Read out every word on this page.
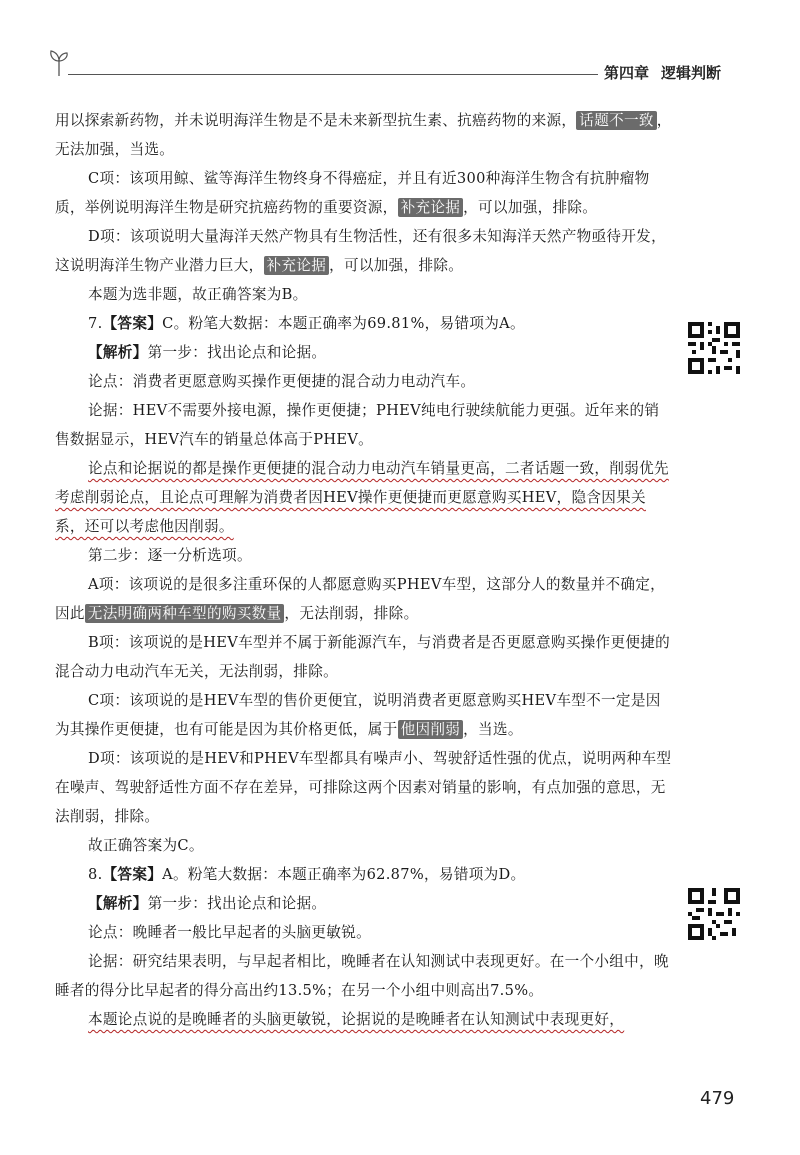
第四章 逻辑判断

用以探索新药物，并未说明海洋生物是不是未来新型抗生素、抗癌药物的来源， 话题不一致 ，无法加强，当选。

C项：该项用鲸、鲨等海洋生物终身不得癌症，并且有近300种海洋生物含有抗肿瘤物质，举例说明海洋生物是研究抗癌药物的重要资源， 补充论据 ，可以加强，排除。

D项：该项说明大量海洋天然产物具有生物活性，还有很多未知海洋天然产物亟待开发，这说明海洋生物产业潜力巨大， 补充论据 ，可以加强，排除。

本题为选非题，故正确答案为B。

7.【答案】C。粉笔大数据：本题正确率为69.81%，易错项为A。

【解析】第一步：找出论点和论据。

论点：消费者更愿意购买操作更便捷的混合动力电动汽车。

论据：HEV不需要外接电源，操作更便捷；PHEV纯电行驶续航能力更强。近年来的销售数据显示，HEV汽车的销量总体高于PHEV。

论点和论据说的都是操作更便捷的混合动力电动汽车销量更高，二者话题一致，削弱优先考虑削弱论点，且论点可理解为消费者因HEV操作更便捷而更愿意购买HEV，隐含因果关系，还可以考虑他因削弱。

第二步：逐一分析选项。

A项：该项说的是很多注重环保的人都愿意购买PHEV车型，这部分人的数量并不确定，因此 无法明确两种车型的购买数量 ，无法削弱，排除。

B项：该项说的是HEV车型并不属于新能源汽车，与消费者是否更愿意购买操作更便捷的混合动力电动汽车无关，无法削弱，排除。

C项：该项说的是HEV车型的售价更便宜，说明消费者更愿意购买HEV车型不一定是因为其操作更便捷，也有可能是因为其价格更低，属于 他因削弱 ，当选。

D项：该项说的是HEV和PHEV车型都具有噪声小、驾驶舒适性强的优点，说明两种车型在噪声、驾驶舒适性方面不存在差异，可排除这两个因素对销量的影响，有点加强的意思，无法削弱，排除。

故正确答案为C。

8.【答案】A。粉笔大数据：本题正确率为62.87%，易错项为D。

【解析】第一步：找出论点和论据。

论点：晚睡者一般比早起者的头脑更敏锐。

论据：研究结果表明，与早起者相比，晚睡者在认知测试中表现更好。在一个小组中，晚睡者的得分比早起者的得分高出约13.5%；在另一个小组中则高出7.5%。

本题论点说的是晚睡者的头脑更敏锐，论据说的是晚睡者在认知测试中表现更好，

479
